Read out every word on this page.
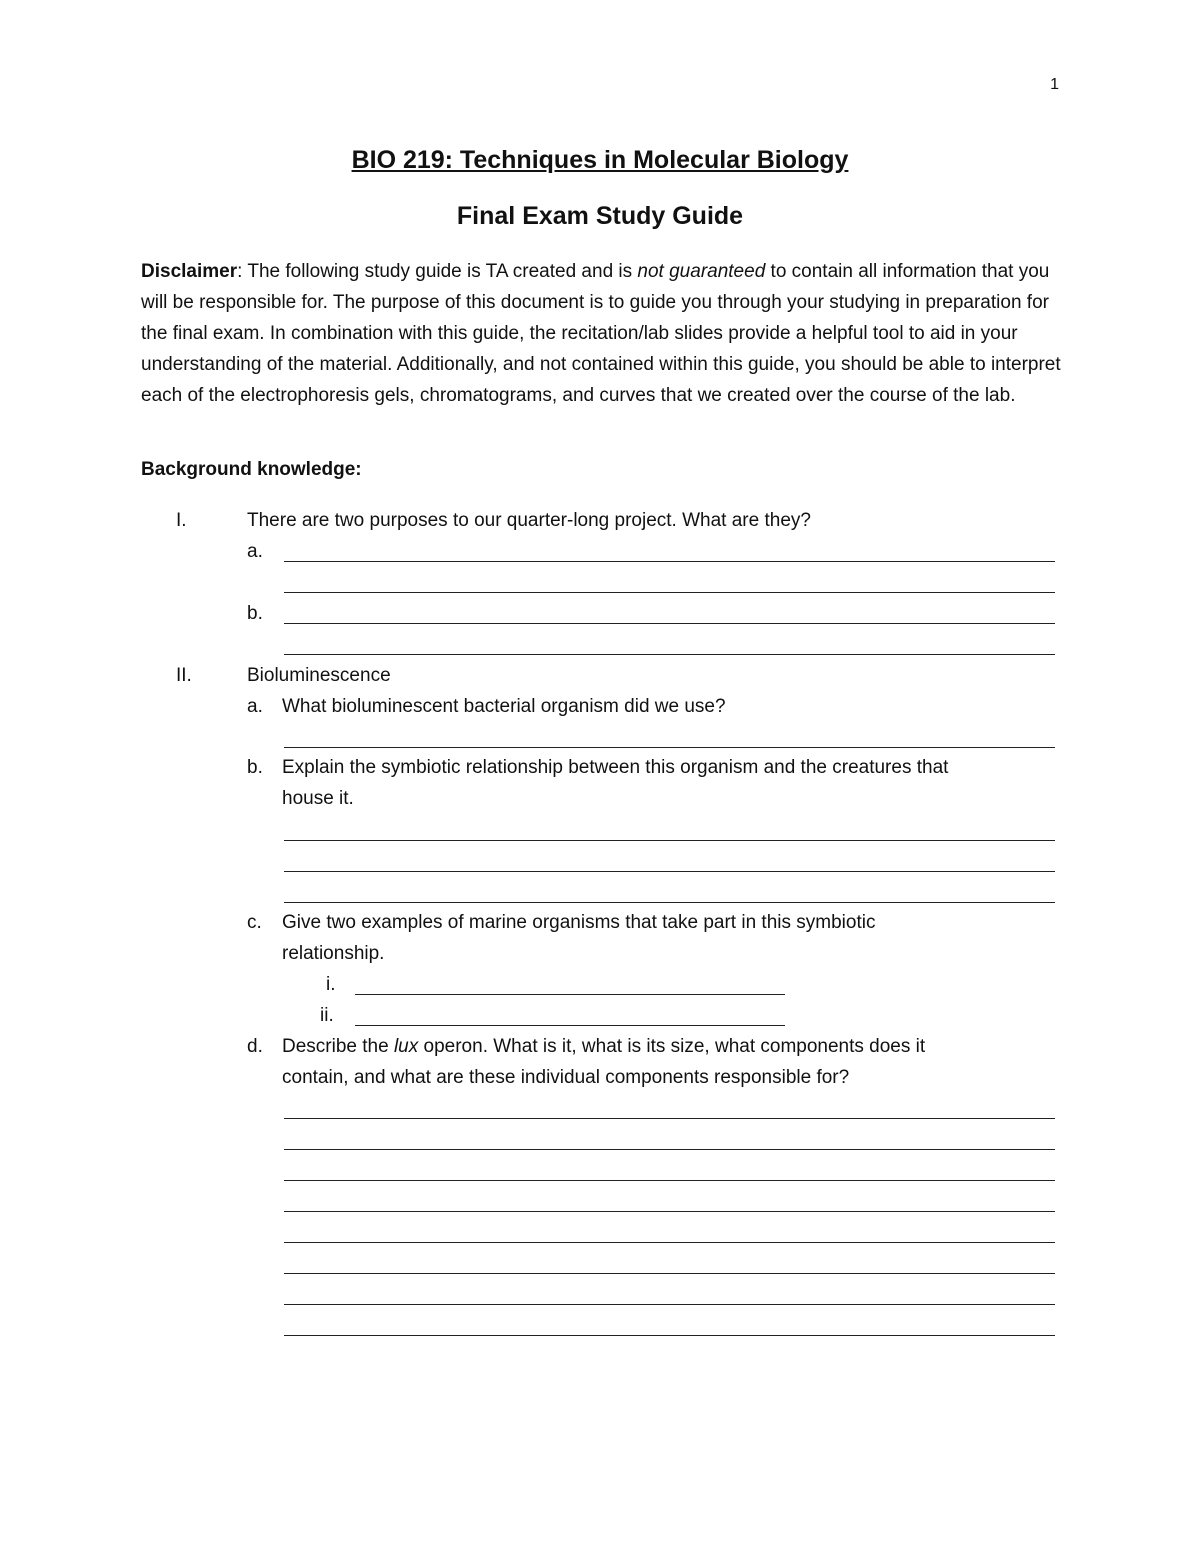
1
BIO 219: Techniques in Molecular Biology
Final Exam Study Guide

Disclaimer: The following study guide is TA created and is not guaranteed to contain all information that you will be responsible for. The purpose of this document is to guide you through your studying in preparation for the final exam. In combination with this guide, the recitation/lab slides provide a helpful tool to aid in your understanding of the material. Additionally, and not contained within this guide, you should be able to interpret each of the electrophoresis gels, chromatograms, and curves that we created over the course of the lab.

Background knowledge:
I.	There are two purposes to our quarter-long project. What are they?
a.
b.
II.	Bioluminescence
a. What bioluminescent bacterial organism did we use?
b. Explain the symbiotic relationship between this organism and the creatures that
house it.
c. Give two examples of marine organisms that take part in this symbiotic
relationship.
i.
ii.
d. Describe the lux operon. What is it, what is its size, what components does it
contain, and what are these individual components responsible for?
